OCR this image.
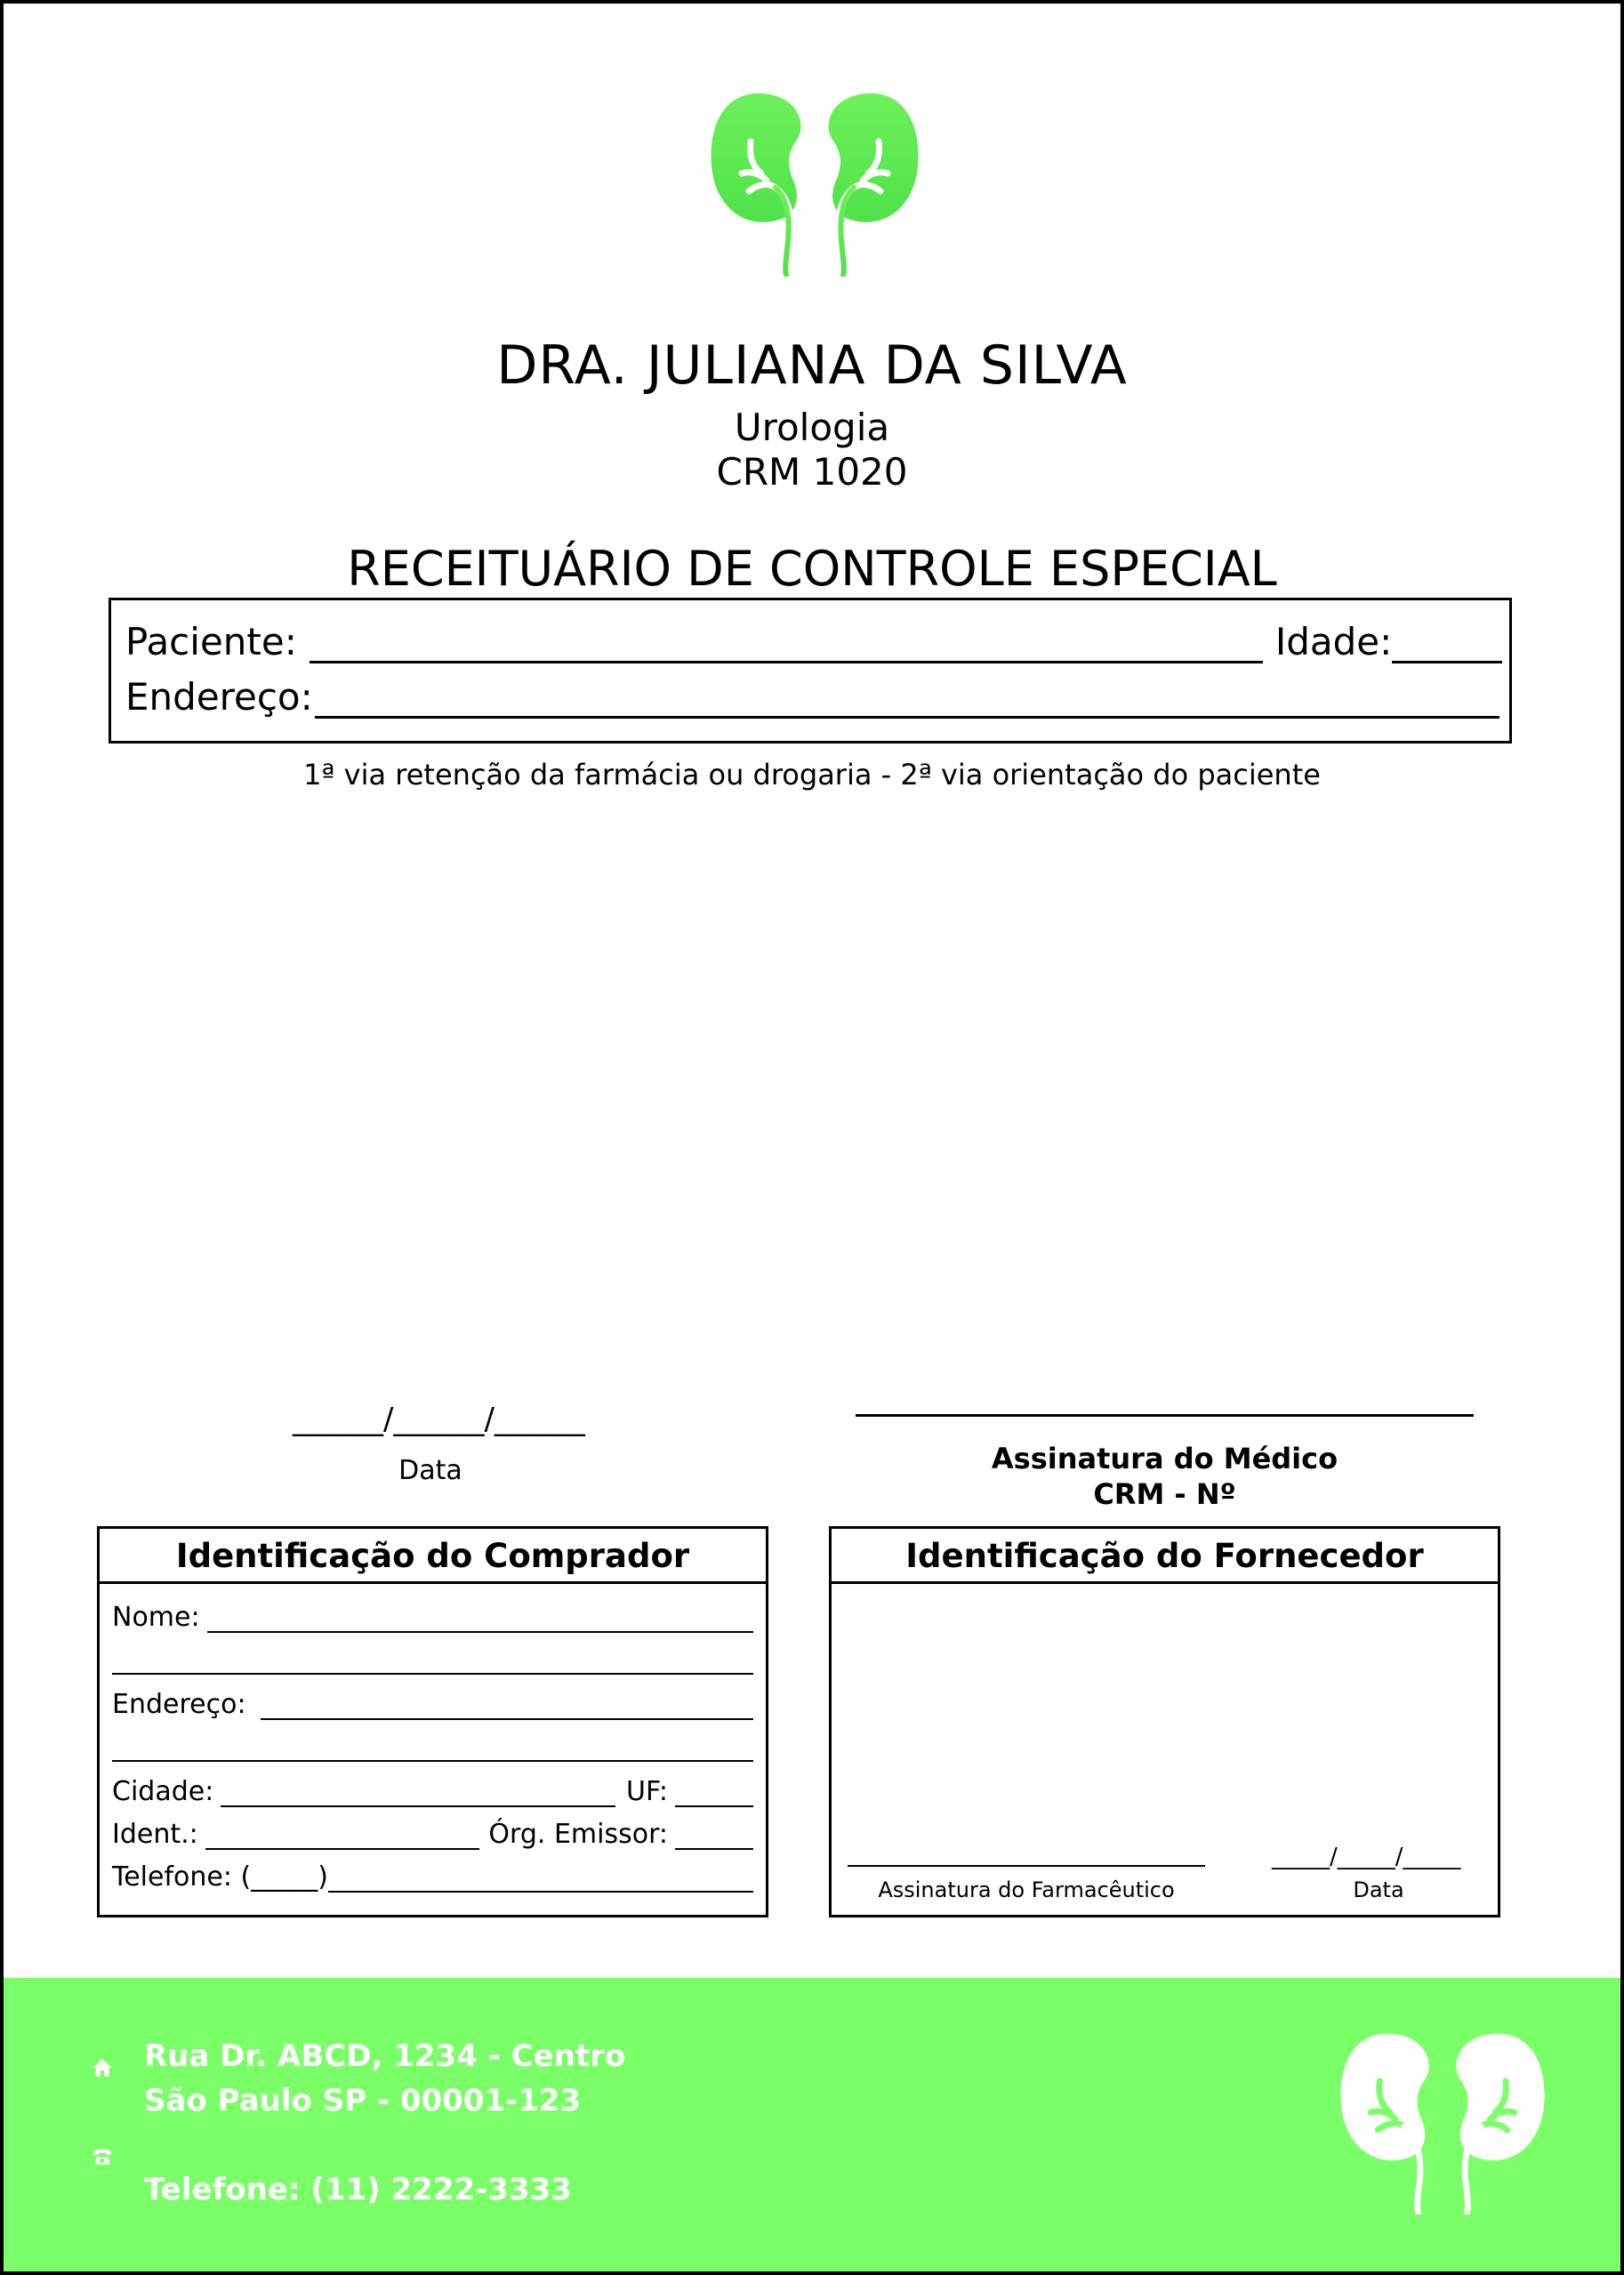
DRA. JULIANA DA SILVA
Urologia
CRM 1020
RECEITUÁRIO DE CONTROLE ESPECIAL
Paciente:	Idade:
Endereço:
1ª via retenção da farmácia ou drogaria - 2ª via orientação do paciente
______/______/______
Data	Assinatura do Médico
CRM - Nº
Identificação do Comprador
Nome:
Endereço:
Cidade:	UF:
Ident.:	Órg. Emissor:
Telefone: (_____)
Identificação do Fornecedor
Assinatura do Farmacêutico
_____/_____/_____
Data
Rua Dr. ABCD, 1234 - Centro
São Paulo SP - 00001-123
Telefone: (11) 2222-3333
